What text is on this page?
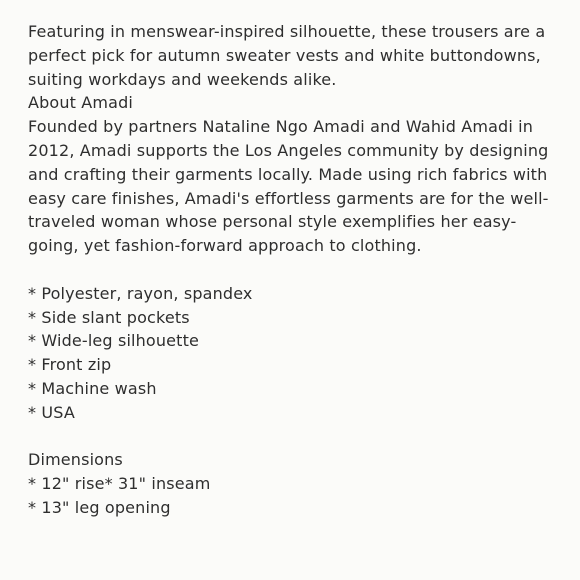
Featuring in menswear-inspired silhouette, these trousers are a perfect pick for autumn sweater vests and white buttondowns, suiting workdays and weekends alike.

About Amadi

Founded by partners Nataline Ngo Amadi and Wahid Amadi in 2012, Amadi supports the Los Angeles community by designing and crafting their garments locally. Made using rich fabrics with easy care finishes, Amadi's effortless garments are for the well-traveled woman whose personal style exemplifies her easy-going, yet fashion-forward approach to clothing.

* Polyester, rayon, spandex

* Side slant pockets

* Wide-leg silhouette

* Front zip

* Machine wash

* USA

Dimensions

* 12" rise* 31" inseam

* 13" leg opening
